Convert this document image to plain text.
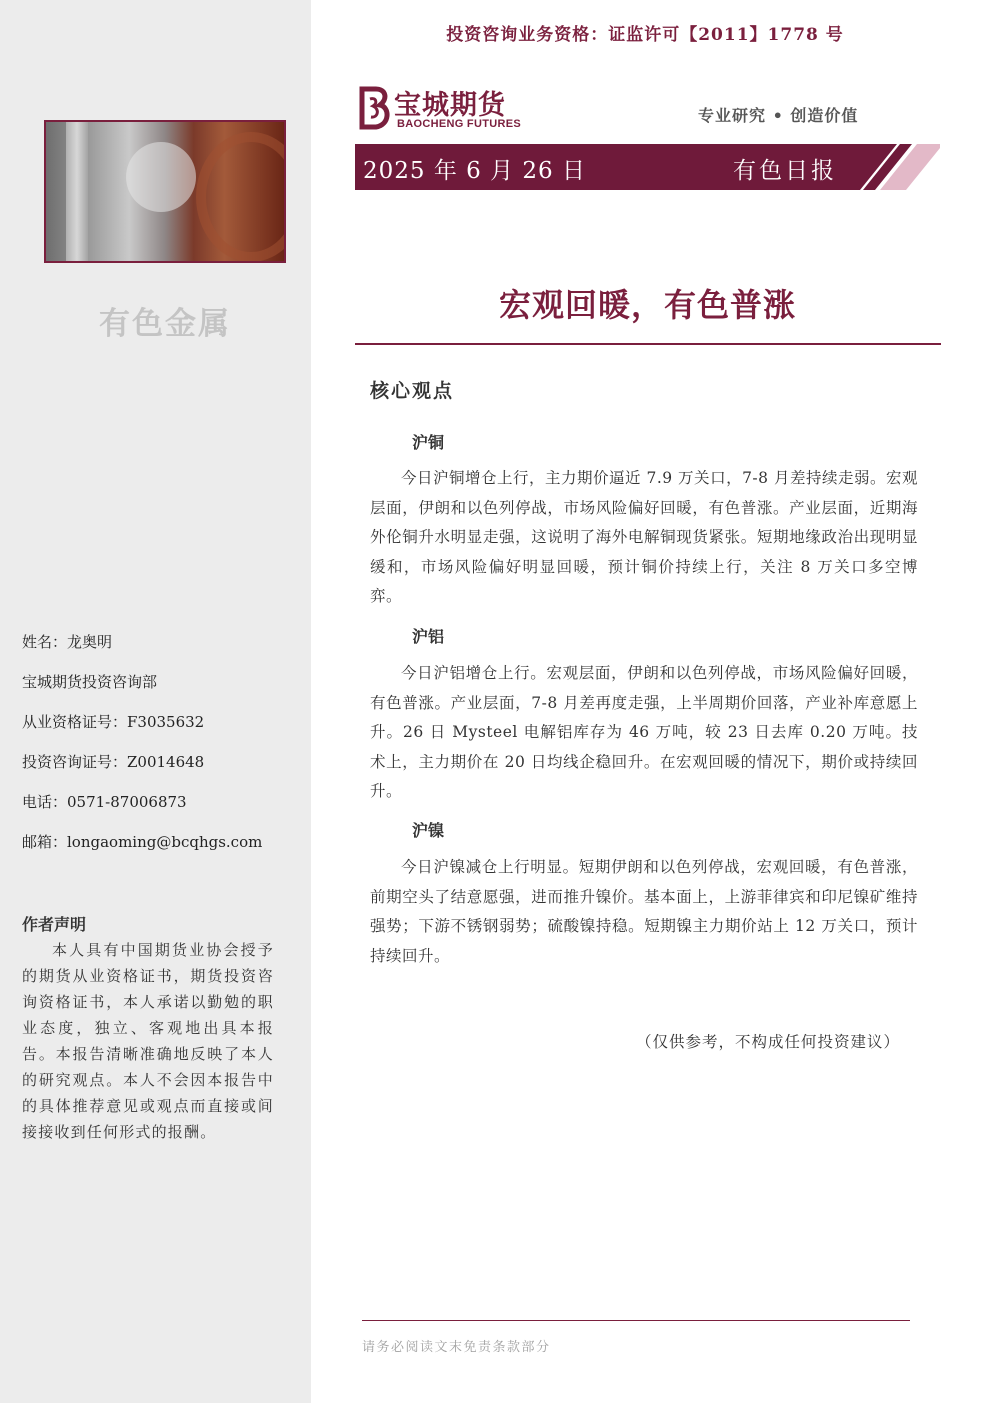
有色金属
姓名：龙奥明
宝城期货投资咨询部
从业资格证号：F3035632
投资咨询证号：Z0014648
电话：0571-87006873
邮箱：longaoming@bcqhgs.com
作者声明
本人具有中国期货业协会授予的期货从业资格证书，期货投资咨询资格证书，本人承诺以勤勉的职业态度，独立、客观地出具本报告。本报告清晰准确地反映了本人的研究观点。本人不会因本报告中的具体推荐意见或观点而直接或间接接收到任何形式的报酬。
投资咨询业务资格：证监许可【2011】1778 号
宝城期货
BAOCHENG FUTURES	专业研究 • 创造价值
2025 年 6 月 26 日	有色日报
宏观回暖，有色普涨
核心观点
沪铜
今日沪铜增仓上行，主力期价逼近 7.9 万关口，7-8 月差持续走弱。宏观层面，伊朗和以色列停战，市场风险偏好回暖，有色普涨。产业层面，近期海外伦铜升水明显走强，这说明了海外电解铜现货紧张。短期地缘政治出现明显缓和，市场风险偏好明显回暖，预计铜价持续上行，关注 8 万关口多空博弈。
沪铝
今日沪铝增仓上行。宏观层面，伊朗和以色列停战，市场风险偏好回暖，有色普涨。产业层面，7-8 月差再度走强，上半周期价回落，产业补库意愿上升。26 日 Mysteel 电解铝库存为 46 万吨，较 23 日去库 0.20 万吨。技术上，主力期价在 20 日均线企稳回升。在宏观回暖的情况下，期价或持续回升。
沪镍
今日沪镍减仓上行明显。短期伊朗和以色列停战，宏观回暖，有色普涨，前期空头了结意愿强，进而推升镍价。基本面上，上游菲律宾和印尼镍矿维持强势；下游不锈钢弱势；硫酸镍持稳。短期镍主力期价站上 12 万关口，预计持续回升。
（仅供参考，不构成任何投资建议）
请务必阅读文末免责条款部分
